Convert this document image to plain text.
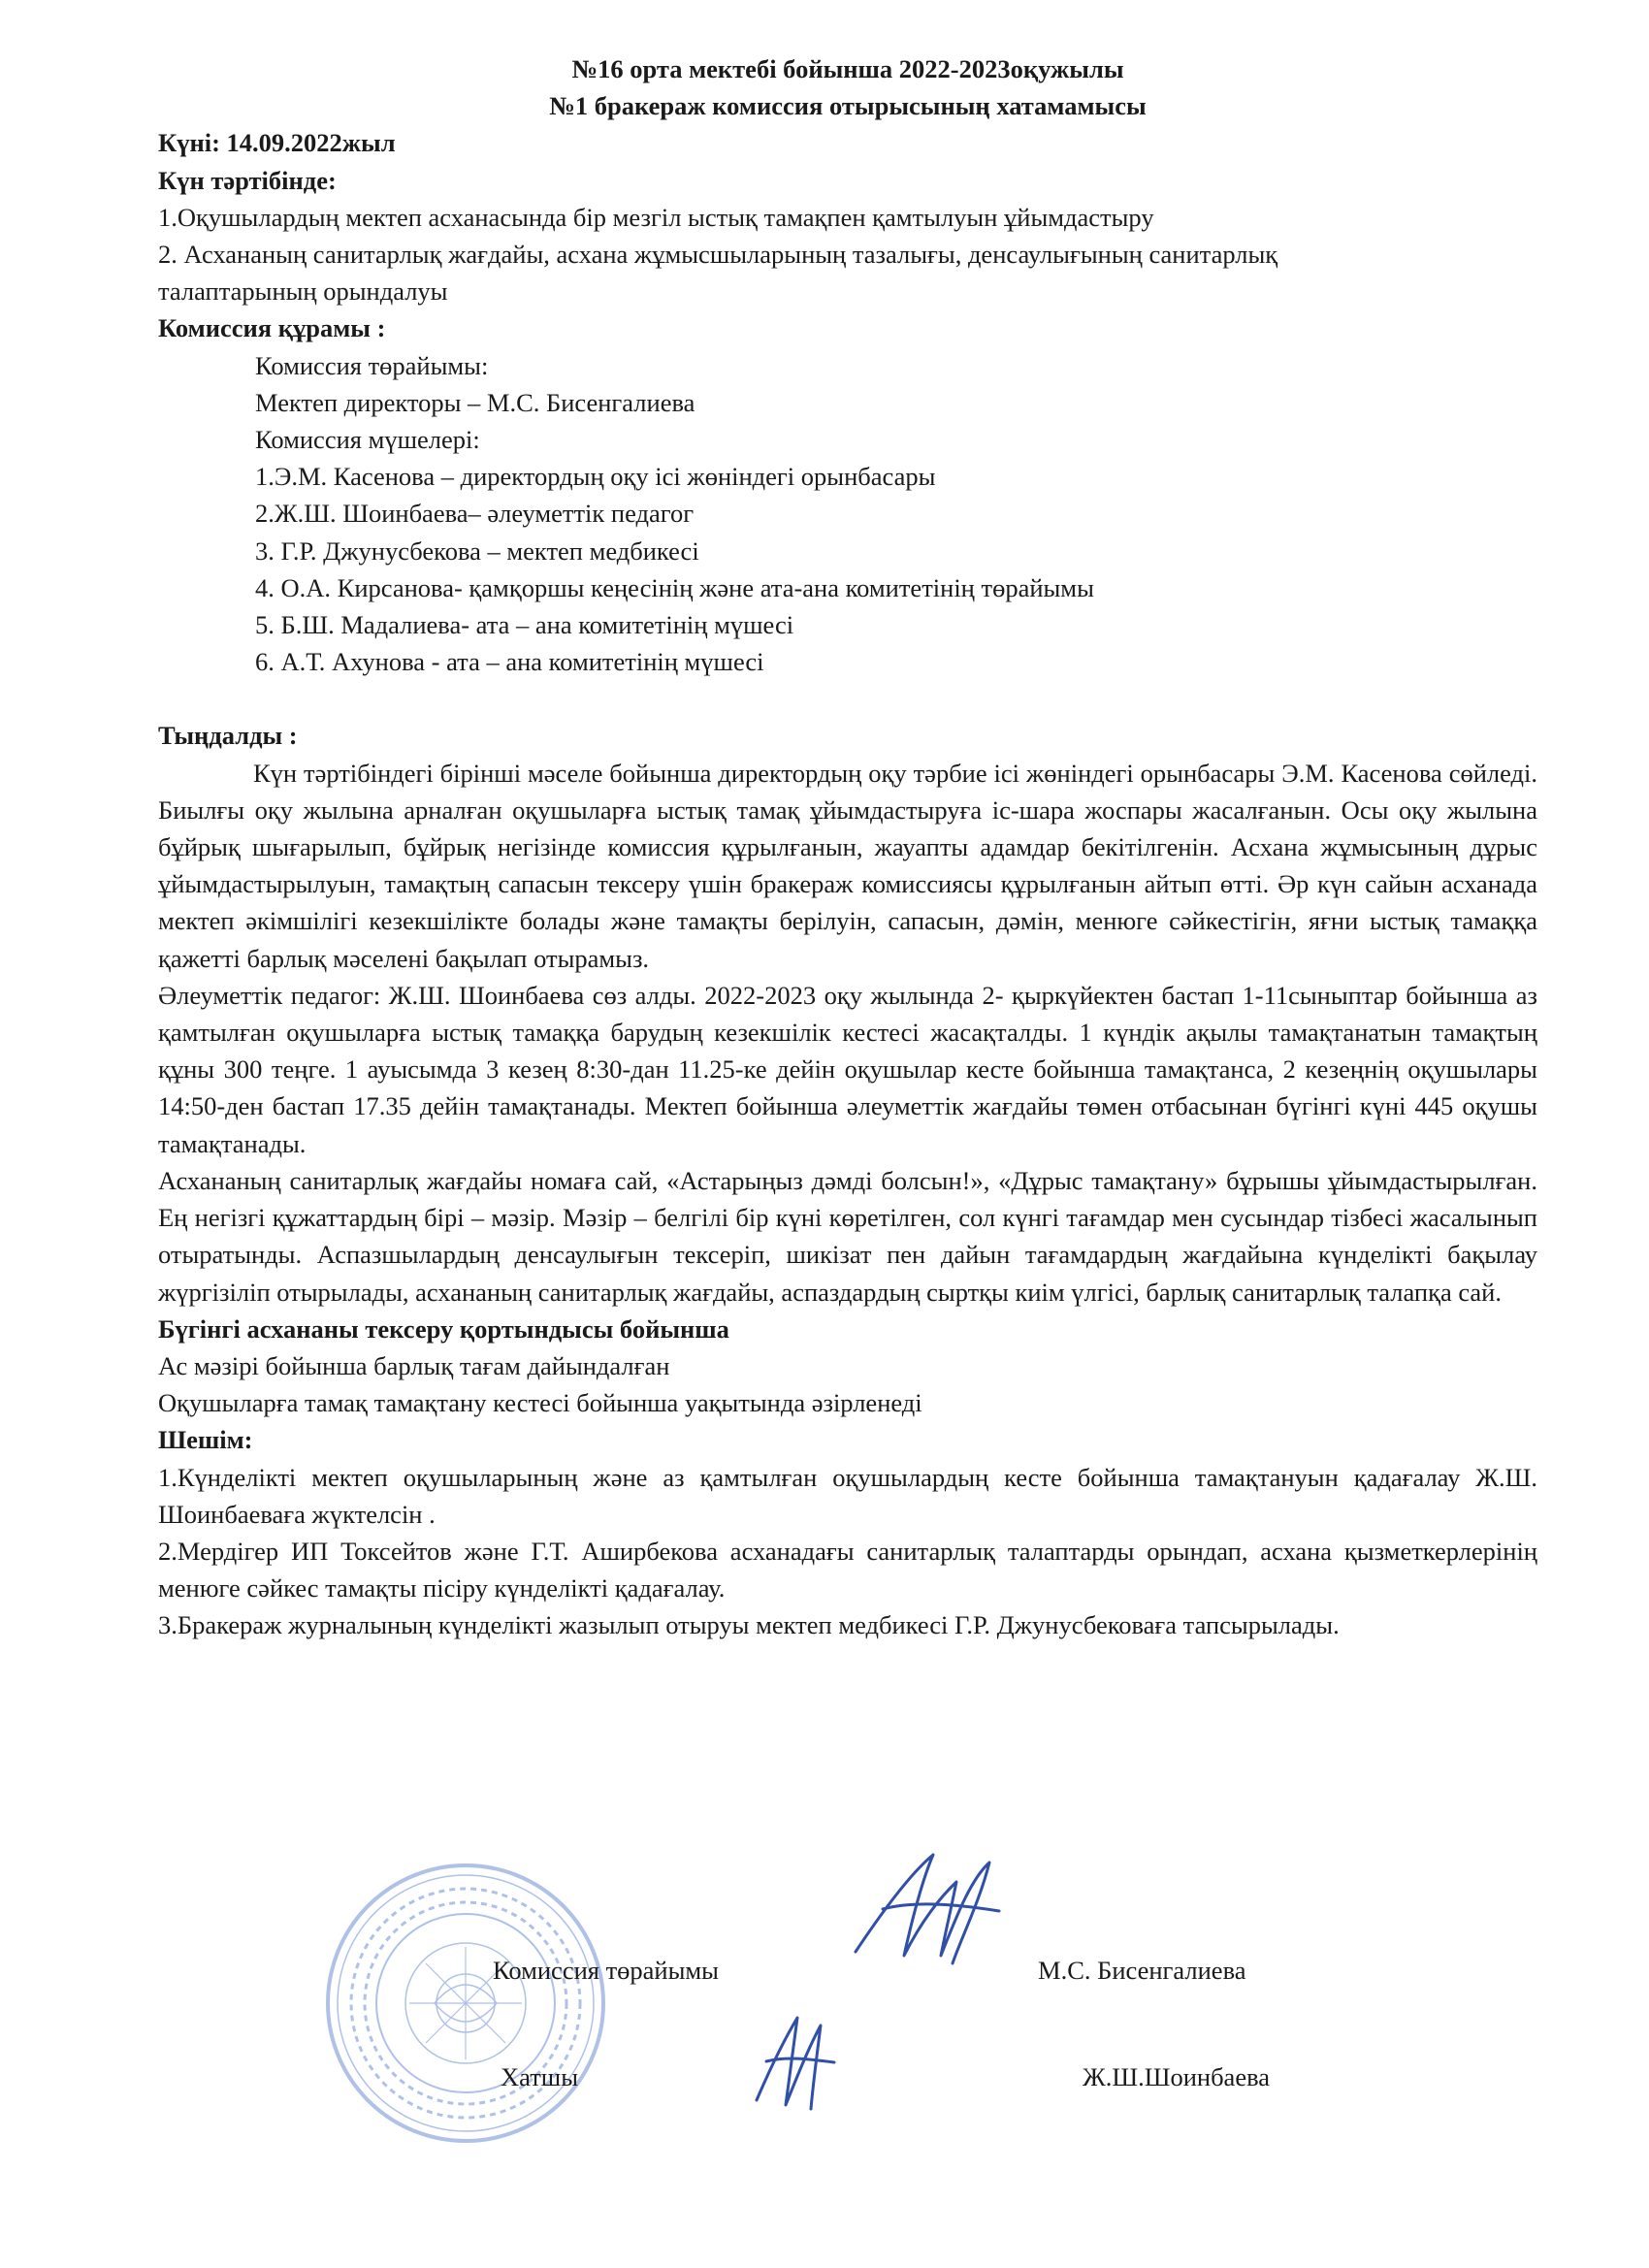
№16 орта мектебі бойынша 2022-2023оқужылы

№1 бракераж комиссия отырысының хатамамысы

Күні: 14.09.2022жыл

Күн тәртібінде:

1.Оқушылардың мектеп асханасында бір мезгіл ыстық тамақпен қамтылуын ұйымдастыру

2. Асхананың санитарлық жағдайы, асхана жұмысшыларының тазалығы, денсаулығының санитарлық талаптарының орындалуы

Комиссия құрамы :

Комиссия төрайымы:

Мектеп директоры – М.С. Бисенгалиева

Комиссия мүшелері:

1.Э.М. Касенова – директордың оқу ісі жөніндегі орынбасары

2.Ж.Ш. Шоинбаева– әлеуметтік педагог

3. Г.Р. Джунусбекова – мектеп медбикесі

4. О.А. Кирсанова- қамқоршы кеңесінің және ата-ана комитетінің төрайымы

5. Б.Ш. Мадалиева- ата – ана комитетінің мүшесі

6. А.Т. Ахунова - ата – ана комитетінің мүшесі

Тыңдалды :

Күн тәртібіндегі бірінші мәселе бойынша директордың оқу тәрбие ісі жөніндегі орынбасары Э.М. Касенова сөйледі. Биылғы оқу жылына арналған оқушыларға ыстық тамақ ұйымдастыруға іс-шара жоспары жасалғанын. Осы оқу жылына бұйрық шығарылып, бұйрық негізінде комиссия құрылғанын, жауапты адамдар бекітілгенін. Асхана жұмысының дұрыс ұйымдастырылуын, тамақтың сапасын тексеру үшін бракераж комиссиясы құрылғанын айтып өтті. Әр күн сайын асханада мектеп әкімшілігі кезекшілікте болады және тамақты берілуін, сапасын, дәмін, менюге сәйкестігін, яғни ыстық тамаққа қажетті барлық мәселені бақылап отырамыз.

Әлеуметтік педагог: Ж.Ш. Шоинбаева сөз алды. 2022-2023 оқу жылында 2- қыркүйектен бастап 1-11сыныптар бойынша аз қамтылған оқушыларға ыстық тамаққа барудың кезекшілік кестесі жасақталды. 1 күндік ақылы тамақтанатын тамақтың құны 300 теңге. 1 ауысымда 3 кезең 8:30-дан 11.25-ке дейін оқушылар кесте бойынша тамақтанса, 2 кезеңнің оқушылары 14:50-ден бастап 17.35 дейін тамақтанады. Мектеп бойынша әлеуметтік жағдайы төмен отбасынан бүгінгі күні 445 оқушы тамақтанады.

Асхананың санитарлық жағдайы номаға сай, «Астарыңыз дәмді болсын!», «Дұрыс тамақтану» бұрышы ұйымдастырылған. Ең негізгі құжаттардың бірі – мәзір. Мәзір – белгілі бір күні көретілген, сол күнгі тағамдар мен сусындар тізбесі жасалынып отыратынды. Аспазшылардың денсаулығын тексеріп, шикізат пен дайын тағамдардың жағдайына күнделікті бақылау жүргізіліп отырылады, асхананың санитарлық жағдайы, аспаздардың сыртқы киім үлгісі, барлық санитарлық талапқа сай.

Бүгінгі асхананы тексеру қортындысы бойынша

Ас мәзірі бойынша барлық тағам дайындалған

Оқушыларға тамақ тамақтану кестесі бойынша уақытында әзірленеді

Шешім:

1.Күнделікті мектеп оқушыларының және аз қамтылған оқушылардың кесте бойынша тамақтануын қадағалау Ж.Ш. Шоинбаеваға жүктелсін .

2.Мердігер ИП Токсейтов және Г.Т. Аширбекова асханадағы санитарлық талаптарды орындап, асхана қызметкерлерінің менюге сәйкес тамақты пісіру күнделікті қадағалау.

3.Бракераж журналының күнделікті жазылып отыруы мектеп медбикесі Г.Р. Джунусбековаға тапсырылады.

Комиссия төрайымы	М.С. Бисенгалиева
Хатшы	Ж.Ш.Шоинбаева
